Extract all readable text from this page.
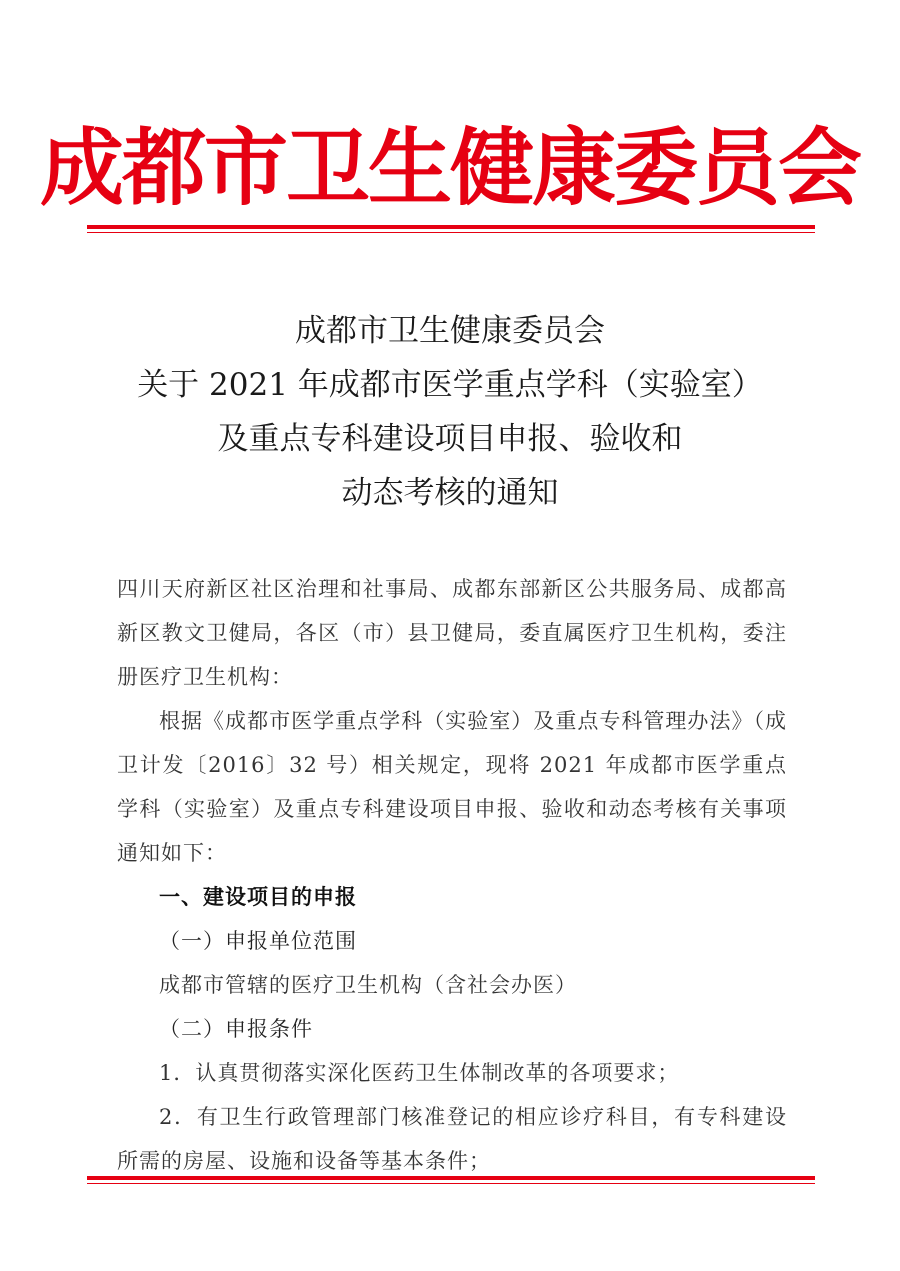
成都市卫生健康委员会
成都市卫生健康委员会
关于 2021 年成都市医学重点学科（实验室）
及重点专科建设项目申报、验收和
动态考核的通知

四川天府新区社区治理和社事局、成都东部新区公共服务局、成都高新区教文卫健局，各区（市）县卫健局，委直属医疗卫生机构，委注册医疗卫生机构：

根据《成都市医学重点学科（实验室）及重点专科管理办法》（成卫计发〔2016〕32 号）相关规定，现将 2021 年成都市医学重点学科（实验室）及重点专科建设项目申报、验收和动态考核有关事项通知如下：

一、建设项目的申报

（一）申报单位范围

成都市管辖的医疗卫生机构（含社会办医）

（二）申报条件

1．认真贯彻落实深化医药卫生体制改革的各项要求；

2．有卫生行政管理部门核准登记的相应诊疗科目，有专科建设所需的房屋、设施和设备等基本条件；
